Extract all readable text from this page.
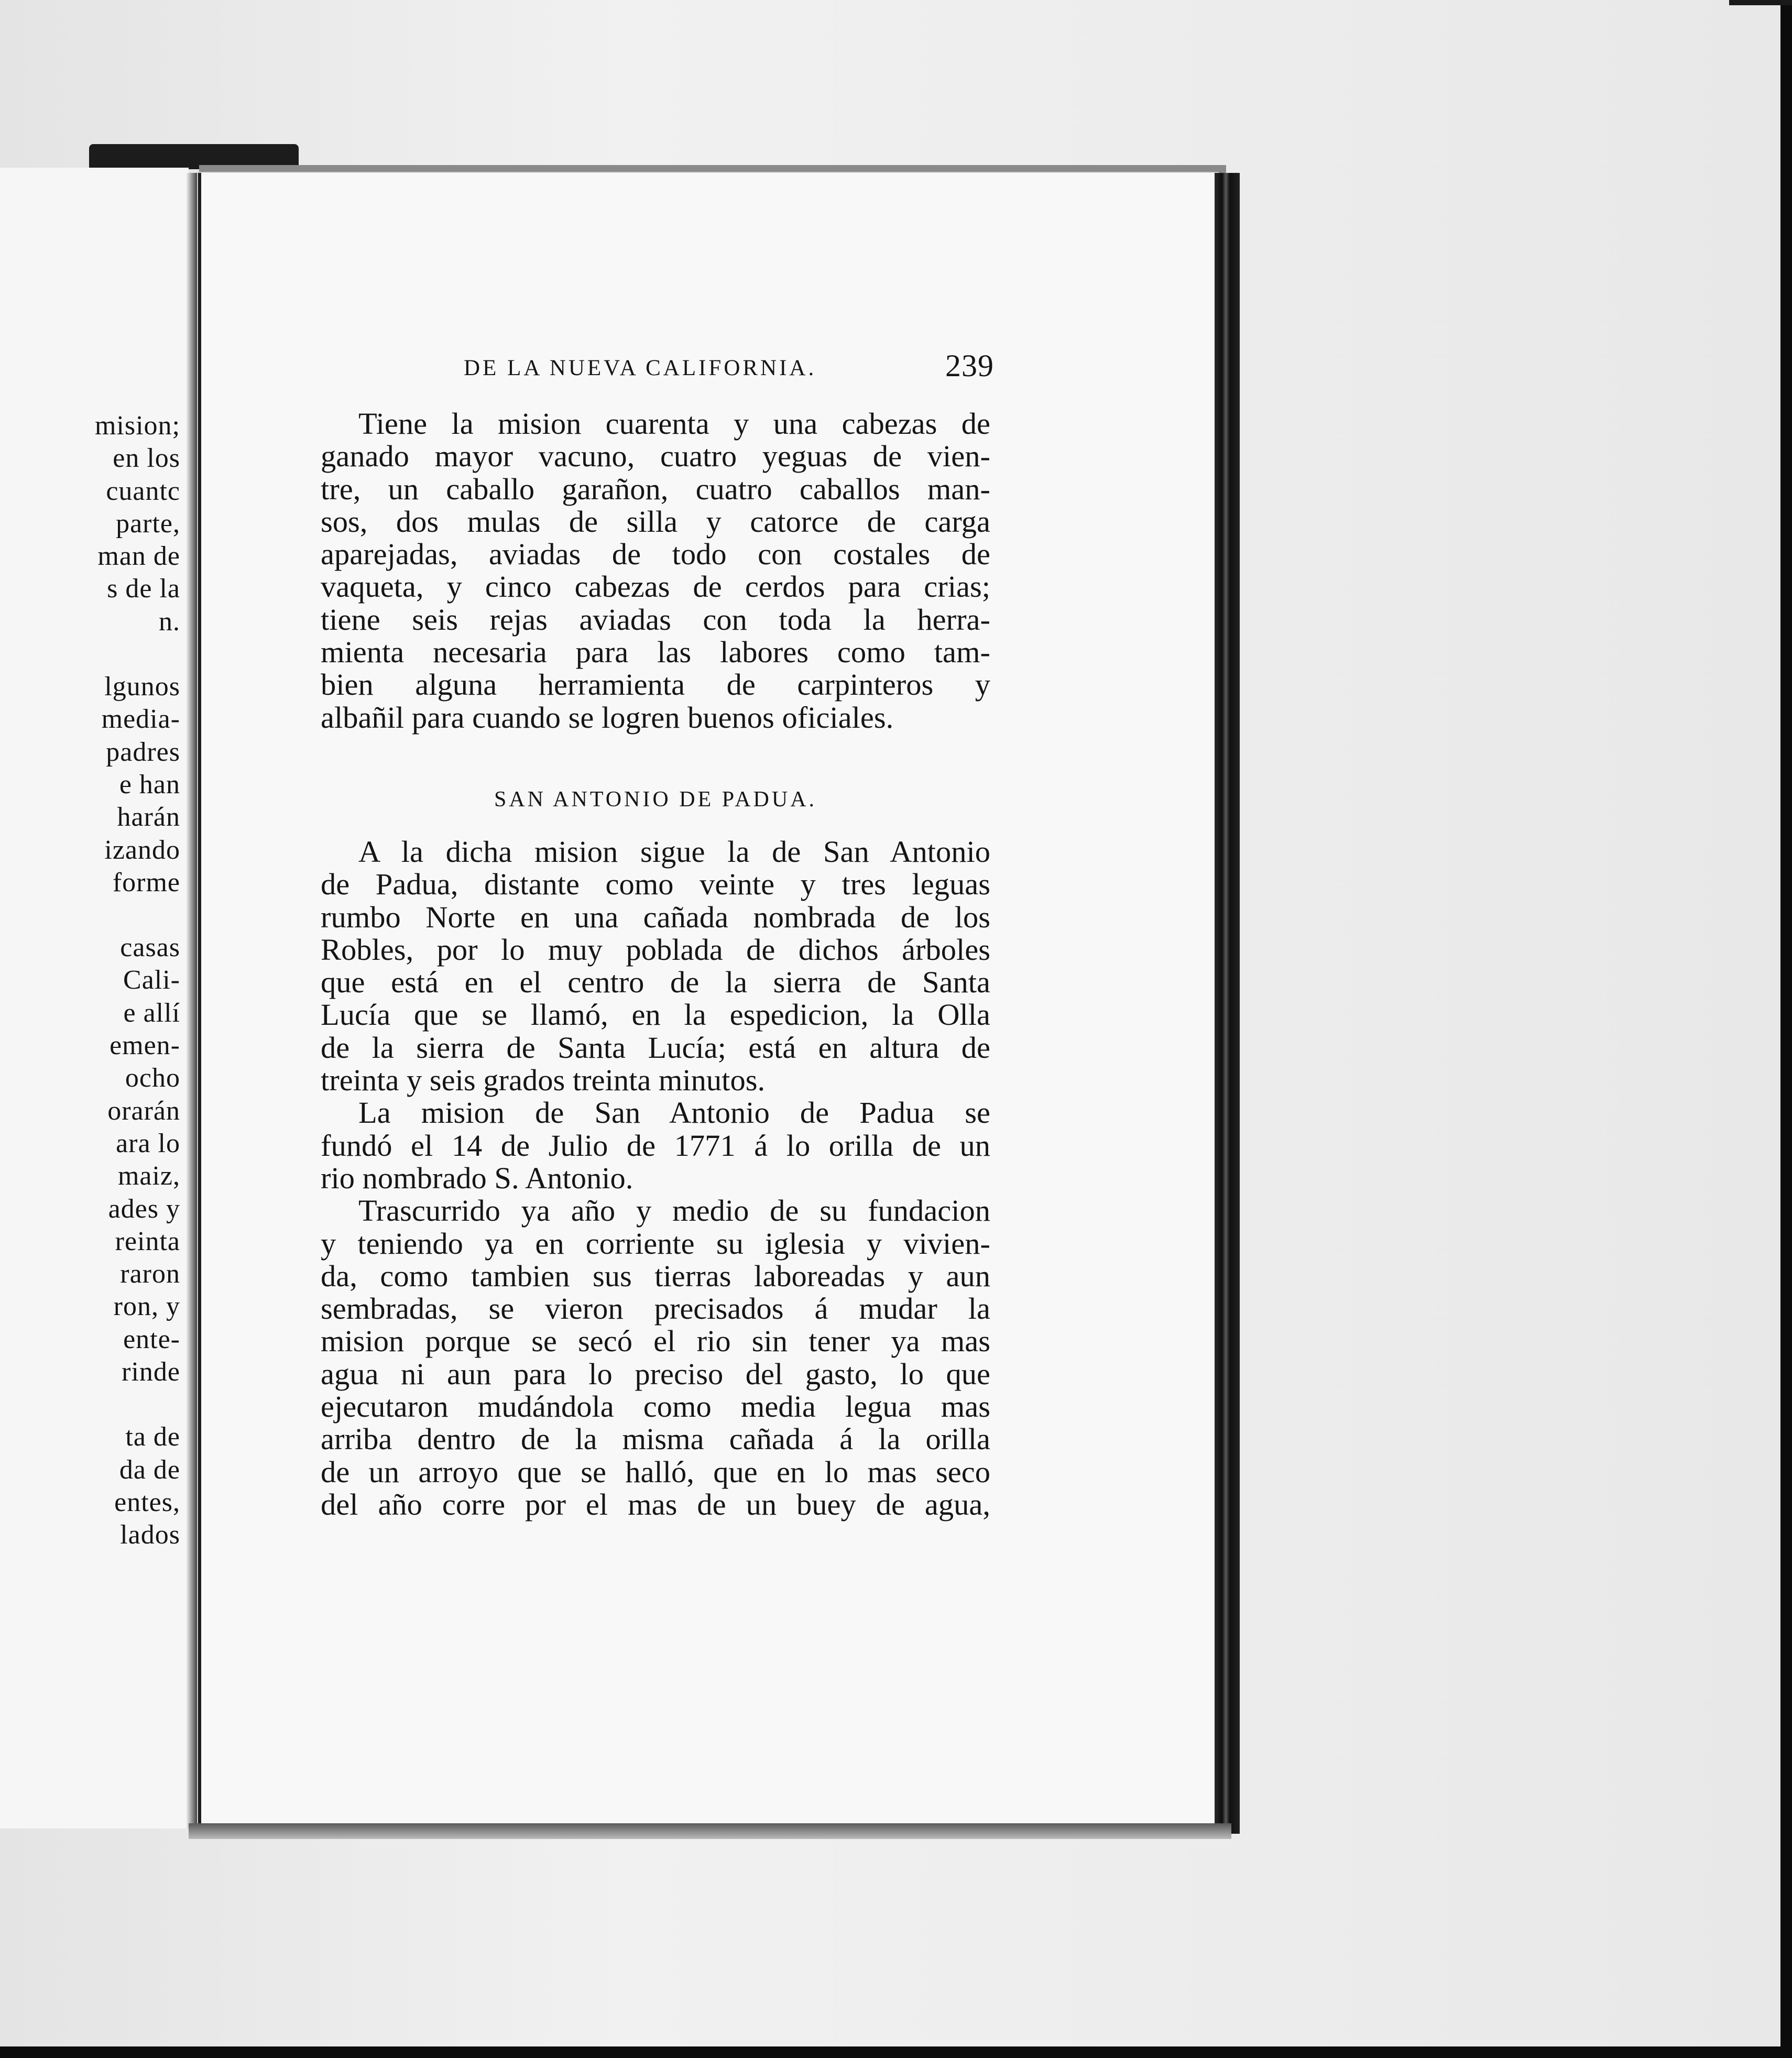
mision;
en los
cuantc
parte,
man de
s de la
n.
lgunos
media-
padres
e han
harán
izando
forme
casas
Cali-
e allí
emen-
ocho
orarán
ara lo
maiz,
ades y
reinta
raron
ron, y
ente-
rinde
ta de
da de
entes,
lados
DE LA NUEVA CALIFORNIA.	239
Tiene la mision cuarenta y una cabezas de
ganado mayor vacuno, cuatro yeguas de vien-
tre, un caballo garañon, cuatro caballos man-
sos, dos mulas de silla y catorce de carga
aparejadas, aviadas de todo con costales de
vaqueta, y cinco cabezas de cerdos para crias;
tiene seis rejas aviadas con toda la herra-
mienta necesaria para las labores como tam-
bien alguna herramienta de carpinteros y
albañil para cuando se logren buenos oficiales.
SAN ANTONIO DE PADUA.
A la dicha mision sigue la de San Antonio
de Padua, distante como veinte y tres leguas
rumbo Norte en una cañada nombrada de los
Robles, por lo muy poblada de dichos árboles
que está en el centro de la sierra de Santa
Lucía que se llamó, en la espedicion, la Olla
de la sierra de Santa Lucía; está en altura de
treinta y seis grados treinta minutos.
La mision de San Antonio de Padua se
fundó el 14 de Julio de 1771 á lo orilla de un
rio nombrado S. Antonio.
Trascurrido ya año y medio de su fundacion
y teniendo ya en corriente su iglesia y vivien-
da, como tambien sus tierras laboreadas y aun
sembradas, se vieron precisados á mudar la
mision porque se secó el rio sin tener ya mas
agua ni aun para lo preciso del gasto, lo que
ejecutaron mudándola como media legua mas
arriba dentro de la misma cañada á la orilla
de un arroyo que se halló, que en lo mas seco
del año corre por el mas de un buey de agua,
